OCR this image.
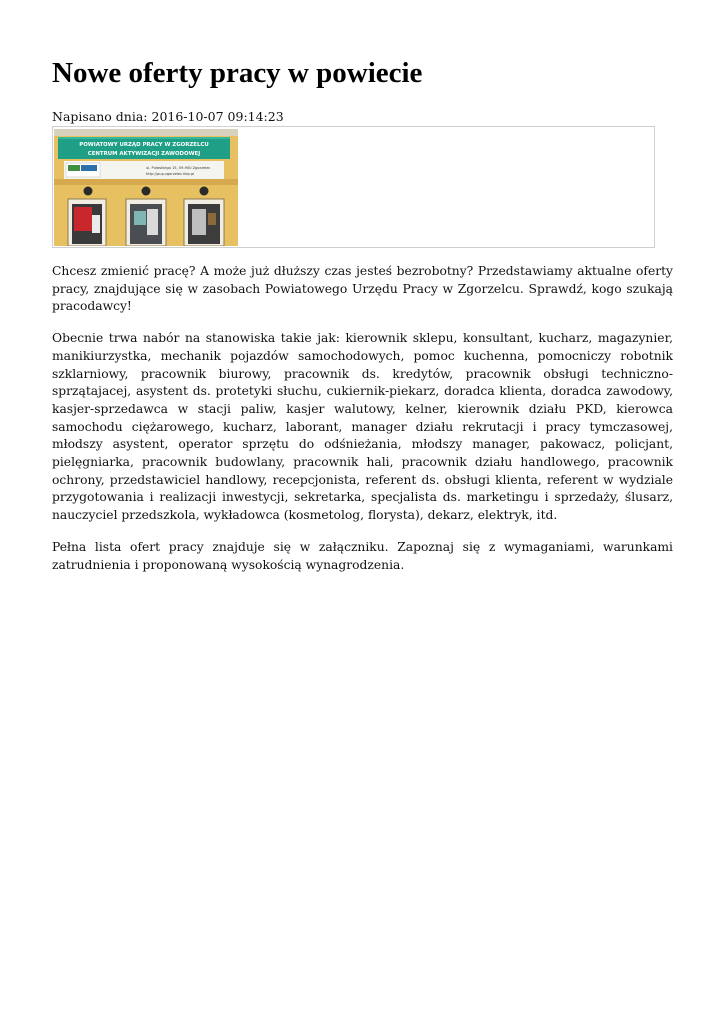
Nowe oferty pracy w powiecie
Napisano dnia: 2016-10-07 09:14:23
POWIATOWY URZĄD PRACY W ZGORZELCU
CENTRUM AKTYWIZACJI ZAWODOWEJ
ul. Pułaskiego 15, 59-900 Zgorzelec
http://pup.zgorzelec.ibip.pl

Chcesz zmienić pracę? A może już dłuższy czas jesteś bezrobotny? Przedstawiamy aktualne oferty pracy, znajdujące się w zasobach Powiatowego Urzędu Pracy w Zgorzelcu. Sprawdź, kogo szukają pracodawcy!

Obecnie trwa nabór na stanowiska takie jak: kierownik sklepu, konsultant, kucharz, magazynier, manikiurzystka, mechanik pojazdów samochodowych, pomoc kuchenna, pomocniczy robotnik szklarniowy, pracownik biurowy, pracownik ds. kredytów, pracownik obsługi techniczno-sprzątajacej, asystent ds. protetyki słuchu, cukiernik-piekarz, doradca klienta, doradca zawodowy, kasjer-sprzedawca w stacji paliw, kasjer walutowy, kelner, kierownik działu PKD, kierowca samochodu ciężarowego, kucharz, laborant, manager działu rekrutacji i pracy tymczasowej, młodszy asystent, operator sprzętu do odśnieżania, młodszy manager, pakowacz, policjant, pielęgniarka, pracownik budowlany, pracownik hali, pracownik działu handlowego, pracownik ochrony, przedstawiciel handlowy, recepcjonista, referent ds. obsługi klienta, referent w wydziale przygotowania i realizacji inwestycji, sekretarka, specjalista ds. marketingu i sprzedaży, ślusarz, nauczyciel przedszkola, wykładowca (kosmetolog, florysta), dekarz, elektryk, itd.

Pełna lista ofert pracy znajduje się w załączniku. Zapoznaj się z wymaganiami, warunkami zatrudnienia i proponowaną wysokością wynagrodzenia.
